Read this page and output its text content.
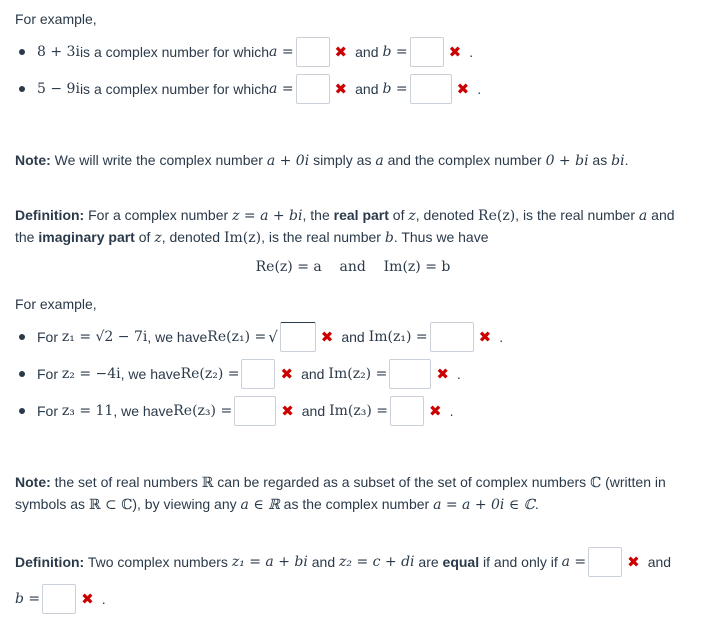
For example,
8 + 3i is a complex number for which a =	✖ and b =	✖ .
5 − 9i is a complex number for which a =	✖ and b =	✖ .
Note: We will write the complex number a + 0i simply as a and the complex number 0 + bi as bi.
Definition: For a complex number z = a + bi, the real part of z, denoted Re(z), is the real number a and the imaginary part of z, denoted Im(z), is the real number b. Thus we have
Re(z) = a    and    Im(z) = b
For example,
For
z₁ = √2 − 7i , we have Re(z₁) = √	✖ and Im(z₁) =	✖ .
For
z₂ = −4i , we have Re(z₂) =	✖ and Im(z₂) =	✖ .
For
z₃ = 11 , we have Re(z₃) =	✖ and Im(z₃) =	✖ .
Note: the set of real numbers ℝ can be regarded as a subset of the set of complex numbers ℂ (written in symbols as ℝ ⊂ ℂ), by viewing any a ∈ ℝ as the complex number a = a + 0i ∈ ℂ.
Definition: Two complex numbers z₁ = a + bi and z₂ = c + di are equal if and only if a =	✖ and
b =	✖ .
